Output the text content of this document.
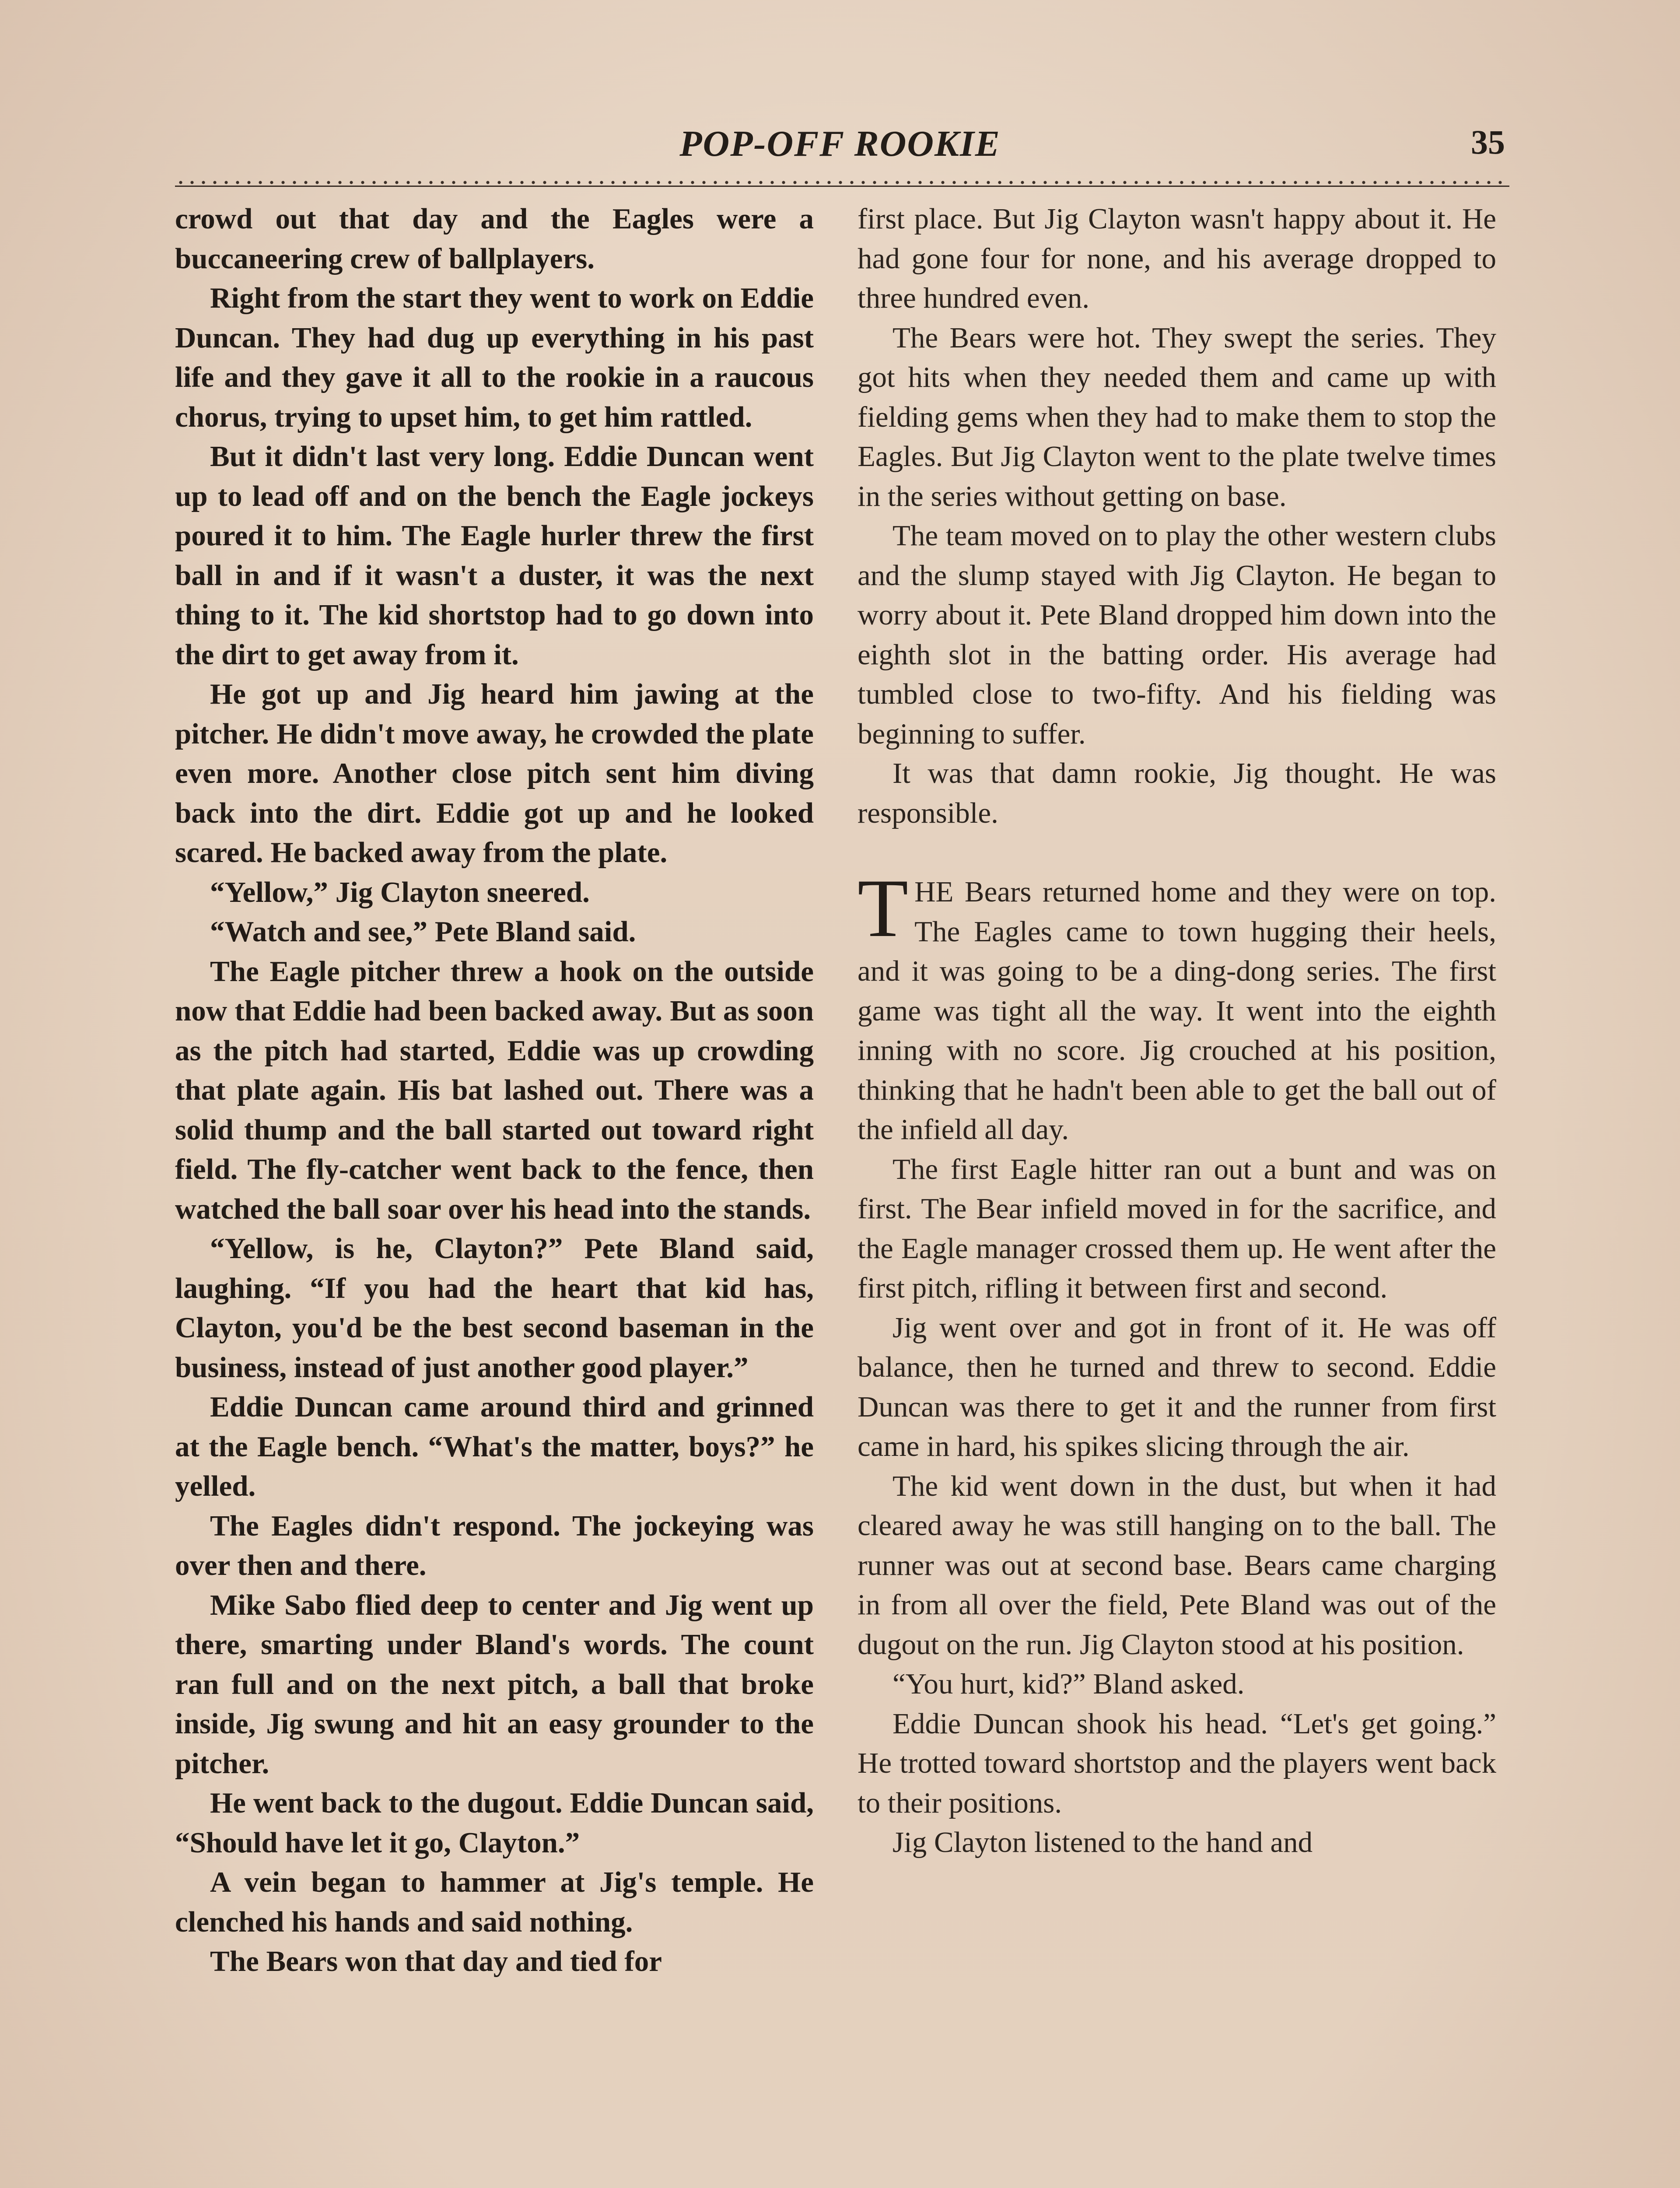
POP-OFF ROOKIE	35

crowd out that day and the Eagles were a buccaneering crew of ballplayers.

Right from the start they went to work on Eddie Duncan. They had dug up everything in his past life and they gave it all to the rookie in a raucous chorus, trying to upset him, to get him rattled.

But it didn't last very long. Eddie Duncan went up to lead off and on the bench the Eagle jockeys poured it to him. The Eagle hurler threw the first ball in and if it wasn't a duster, it was the next thing to it. The kid shortstop had to go down into the dirt to get away from it.

He got up and Jig heard him jawing at the pitcher. He didn't move away, he crowded the plate even more. Another close pitch sent him diving back into the dirt. Eddie got up and he looked scared. He backed away from the plate.

“Yellow,” Jig Clayton sneered.

“Watch and see,” Pete Bland said.

The Eagle pitcher threw a hook on the outside now that Eddie had been backed away. But as soon as the pitch had started, Eddie was up crowding that plate again. His bat lashed out. There was a solid thump and the ball started out toward right field. The fly-catcher went back to the fence, then watched the ball soar over his head into the stands.

“Yellow, is he, Clayton?” Pete Bland said, laughing. “If you had the heart that kid has, Clayton, you'd be the best second baseman in the business, instead of just another good player.”

Eddie Duncan came around third and grinned at the Eagle bench. “What's the matter, boys?” he yelled.

The Eagles didn't respond. The jockeying was over then and there.

Mike Sabo flied deep to center and Jig went up there, smarting under Bland's words. The count ran full and on the next pitch, a ball that broke inside, Jig swung and hit an easy grounder to the pitcher.

He went back to the dugout. Eddie Duncan said, “Should have let it go, Clayton.”

A vein began to hammer at Jig's temple. He clenched his hands and said nothing.

The Bears won that day and tied for

first place. But Jig Clayton wasn't happy about it. He had gone four for none, and his average dropped to three hundred even.

The Bears were hot. They swept the series. They got hits when they needed them and came up with fielding gems when they had to make them to stop the Eagles. But Jig Clayton went to the plate twelve times in the series without getting on base.

The team moved on to play the other western clubs and the slump stayed with Jig Clayton. He began to worry about it. Pete Bland dropped him down into the eighth slot in the batting order. His average had tumbled close to two-fifty. And his fielding was beginning to suffer.

It was that damn rookie, Jig thought. He was responsible.

THE Bears returned home and they were on top. The Eagles came to town hugging their heels, and it was going to be a ding-dong series. The first game was tight all the way. It went into the eighth inning with no score. Jig crouched at his position, thinking that he hadn't been able to get the ball out of the infield all day.

The first Eagle hitter ran out a bunt and was on first. The Bear infield moved in for the sacrifice, and the Eagle manager crossed them up. He went after the first pitch, rifling it between first and second.

Jig went over and got in front of it. He was off balance, then he turned and threw to second. Eddie Duncan was there to get it and the runner from first came in hard, his spikes slicing through the air.

The kid went down in the dust, but when it had cleared away he was still hanging on to the ball. The runner was out at second base. Bears came charging in from all over the field, Pete Bland was out of the dugout on the run. Jig Clayton stood at his position.

“You hurt, kid?” Bland asked.

Eddie Duncan shook his head. “Let's get going.” He trotted toward shortstop and the players went back to their positions.

Jig Clayton listened to the hand and
